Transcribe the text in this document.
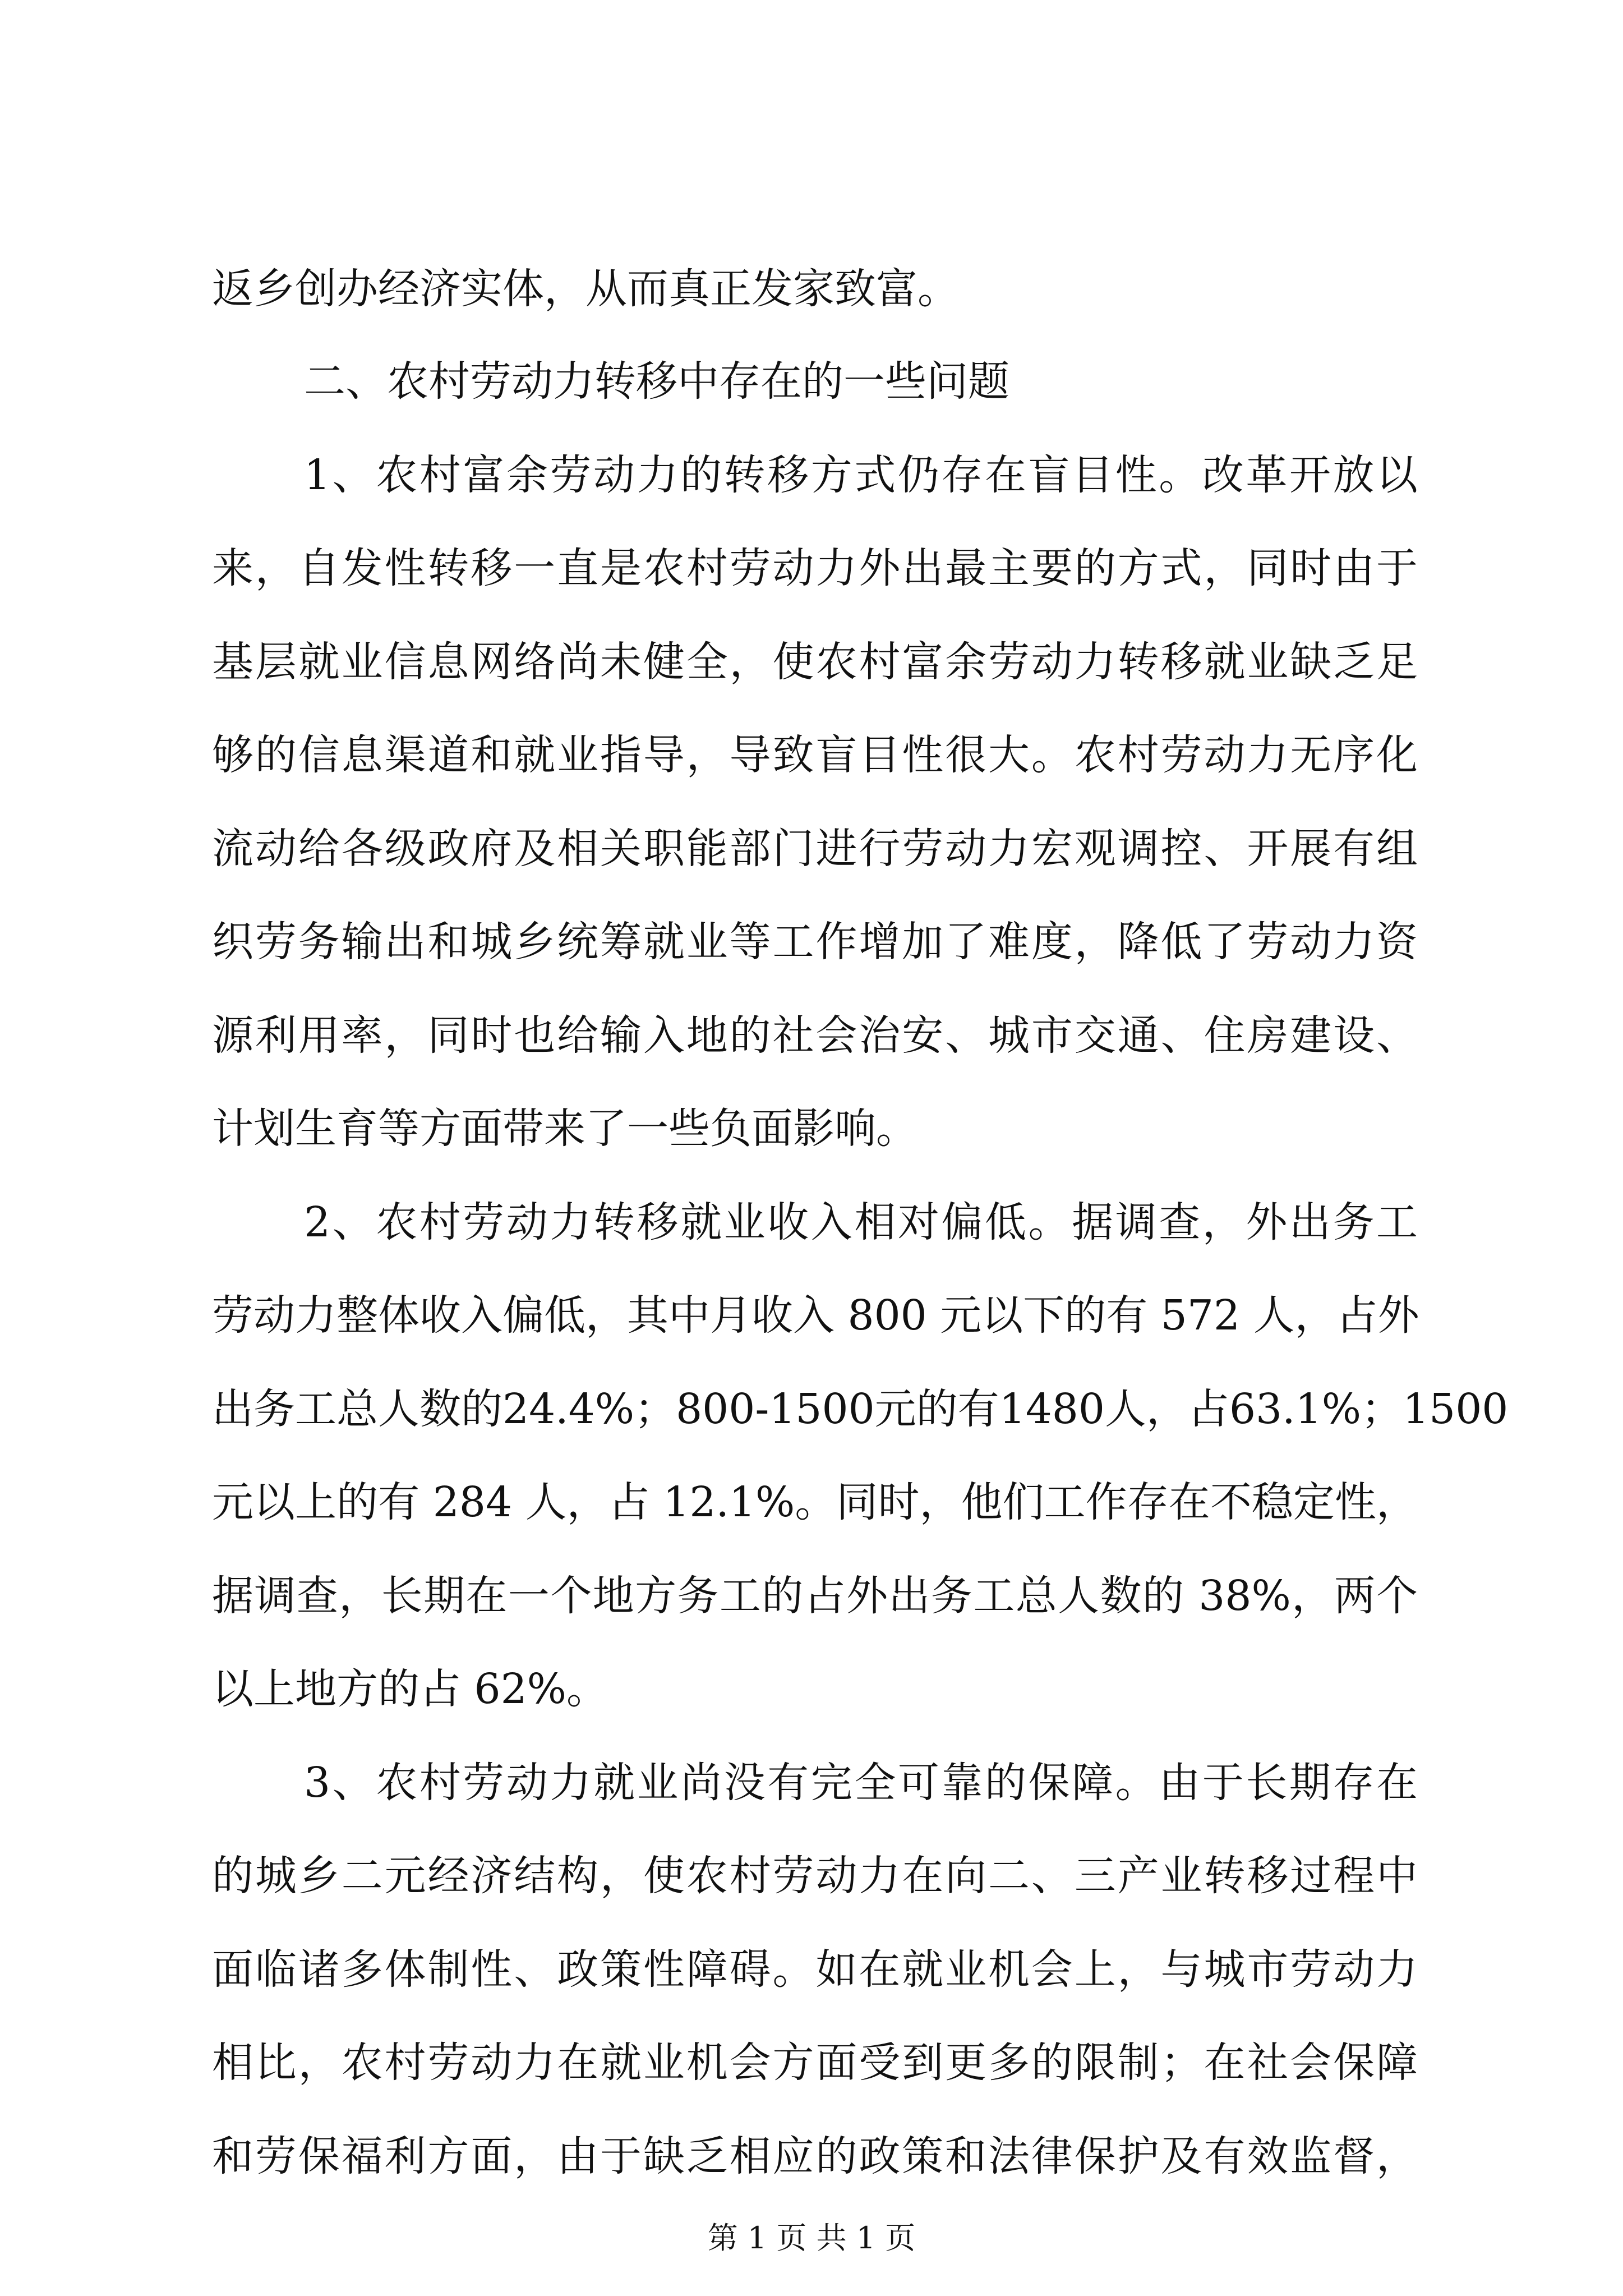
返乡创办经济实体，从而真正发家致富。
二、农村劳动力转移中存在的一些问题
1、农村富余劳动力的转移方式仍存在盲目性。改革开放以
来，自发性转移一直是农村劳动力外出最主要的方式，同时由于
基层就业信息网络尚未健全，使农村富余劳动力转移就业缺乏足
够的信息渠道和就业指导，导致盲目性很大。农村劳动力无序化
流动给各级政府及相关职能部门进行劳动力宏观调控、开展有组
织劳务输出和城乡统筹就业等工作增加了难度，降低了劳动力资
源利用率，同时也给输入地的社会治安、城市交通、住房建设、
计划生育等方面带来了一些负面影响。
2、农村劳动力转移就业收入相对偏低。据调查，外出务工
劳动力整体收入偏低，其中月收入 800 元以下的有 572 人，占外
出务工总人数的24.4%；800-1500元的有1480人，占63.1%；1500
元以上的有 284 人，占 12.1%。同时，他们工作存在不稳定性，
据调查，长期在一个地方务工的占外出务工总人数的 38%，两个
以上地方的占 62%。
3、农村劳动力就业尚没有完全可靠的保障。由于长期存在
的城乡二元经济结构，使农村劳动力在向二、三产业转移过程中
面临诸多体制性、政策性障碍。如在就业机会上，与城市劳动力
相比，农村劳动力在就业机会方面受到更多的限制；在社会保障
和劳保福利方面，由于缺乏相应的政策和法律保护及有效监督，
第 1 页 共 1 页
